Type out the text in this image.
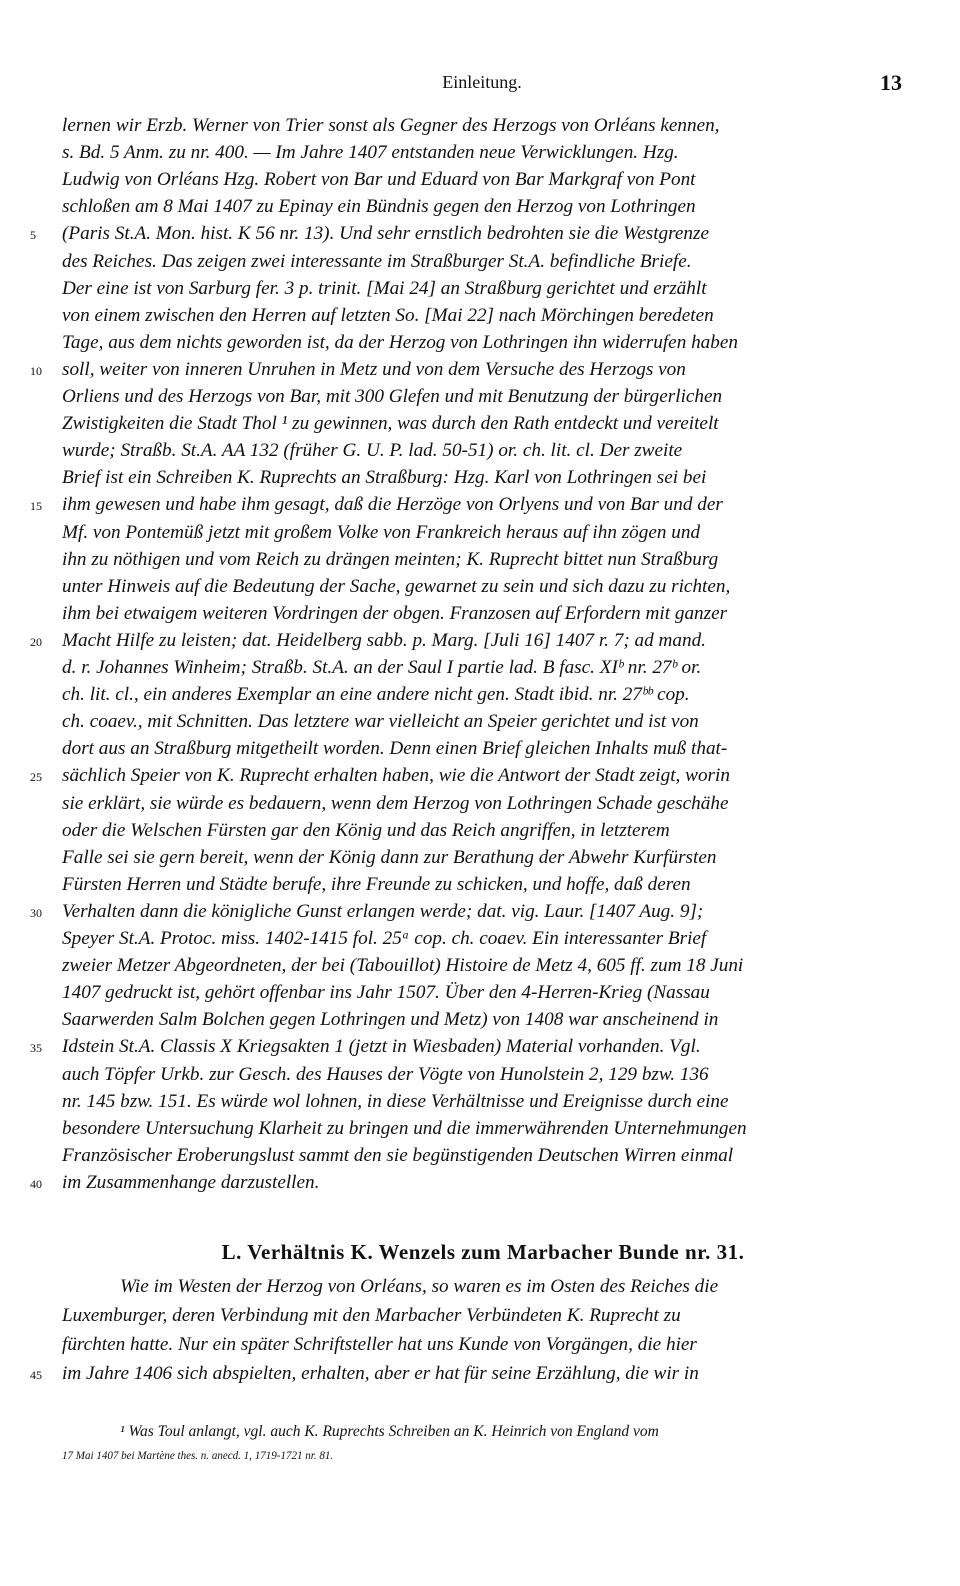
Einleitung.	13
lernen wir Erzb. Werner von Trier sonst als Gegner des Herzogs von Orléans kennen,
s. Bd. 5 Anm. zu nr. 400. — Im Jahre 1407 entstanden neue Verwicklungen. Hzg.
Ludwig von Orléans Hzg. Robert von Bar und Eduard von Bar Markgraf von Pont
schloßen am 8 Mai 1407 zu Epinay ein Bündnis gegen den Herzog von Lothringen
(Paris St.A. Mon. hist. K 56 nr. 13). Und sehr ernstlich bedrohten sie die Westgrenze
des Reiches. Das zeigen zwei interessante im Straßburger St.A. befindliche Briefe.
Der eine ist von Sarburg fer. 3 p. trinit. [Mai 24] an Straßburg gerichtet und erzählt
von einem zwischen den Herren auf letzten So. [Mai 22] nach Mörchingen beredeten
Tage, aus dem nichts geworden ist, da der Herzog von Lothringen ihn widerrufen haben
soll, weiter von inneren Unruhen in Metz und von dem Versuche des Herzogs von
Orliens und des Herzogs von Bar, mit 300 Glefen und mit Benutzung der bürgerlichen
Zwistigkeiten die Stadt Thol ¹ zu gewinnen, was durch den Rath entdeckt und vereitelt
wurde; Straßb. St.A. AA 132 (früher G. U. P. lad. 50-51) or. ch. lit. cl. Der zweite
Brief ist ein Schreiben K. Ruprechts an Straßburg: Hzg. Karl von Lothringen sei bei
ihm gewesen und habe ihm gesagt, daß die Herzöge von Orlyens und von Bar und der
Mf. von Pontemüß jetzt mit großem Volke von Frankreich heraus auf ihn zögen und
ihn zu nöthigen und vom Reich zu drängen meinten; K. Ruprecht bittet nun Straßburg
unter Hinweis auf die Bedeutung der Sache, gewarnet zu sein und sich dazu zu richten,
ihm bei etwaigem weiteren Vordringen der obgen. Franzosen auf Erfordern mit ganzer
Macht Hilfe zu leisten; dat. Heidelberg sabb. p. Marg. [Juli 16] 1407 r. 7; ad mand.
d. r. Johannes Winheim; Straßb. St.A. an der Saul I partie lad. B fasc. XIᵇ nr. 27ᵇ or.
ch. lit. cl., ein anderes Exemplar an eine andere nicht gen. Stadt ibid. nr. 27ᵇᵇ cop.
ch. coaev., mit Schnitten. Das letztere war vielleicht an Speier gerichtet und ist von
dort aus an Straßburg mitgetheilt worden. Denn einen Brief gleichen Inhalts muß that-
sächlich Speier von K. Ruprecht erhalten haben, wie die Antwort der Stadt zeigt, worin
sie erklärt, sie würde es bedauern, wenn dem Herzog von Lothringen Schade geschähe
oder die Welschen Fürsten gar den König und das Reich angriffen, in letzterem
Falle sei sie gern bereit, wenn der König dann zur Berathung der Abwehr Kurfürsten
Fürsten Herren und Städte berufe, ihre Freunde zu schicken, und hoffe, daß deren
Verhalten dann die königliche Gunst erlangen werde; dat. vig. Laur. [1407 Aug. 9];
Speyer St.A. Protoc. miss. 1402-1415 fol. 25ᵃ cop. ch. coaev. Ein interessanter Brief
zweier Metzer Abgeordneten, der bei (Tabouillot) Histoire de Metz 4, 605 ff. zum 18 Juni
1407 gedruckt ist, gehört offenbar ins Jahr 1507. Über den 4-Herren-Krieg (Nassau
Saarwerden Salm Bolchen gegen Lothringen und Metz) von 1408 war anscheinend in
Idstein St.A. Classis X Kriegsakten 1 (jetzt in Wiesbaden) Material vorhanden. Vgl.
auch Töpfer Urkb. zur Gesch. des Hauses der Vögte von Hunolstein 2, 129 bzw. 136
nr. 145 bzw. 151. Es würde wol lohnen, in diese Verhältnisse und Ereignisse durch eine
besondere Untersuchung Klarheit zu bringen und die immerwährenden Unternehmungen
Französischer Eroberungslust sammt den sie begünstigenden Deutschen Wirren einmal
im Zusammenhange darzustellen.
5
10
15
20
25
30
35
40
L. Verhältnis K. Wenzels zum Marbacher Bunde nr. 31.
Wie im Westen der Herzog von Orléans, so waren es im Osten des Reiches die
Luxemburger, deren Verbindung mit den Marbacher Verbündeten K. Ruprecht zu
fürchten hatte. Nur ein später Schriftsteller hat uns Kunde von Vorgängen, die hier
im Jahre 1406 sich abspielten, erhalten, aber er hat für seine Erzählung, die wir in
45
¹ Was Toul anlangt, vgl. auch K. Ruprechts Schreiben an K. Heinrich von England vom
17 Mai 1407 bei Martène thes. n. anecd. 1, 1719-1721 nr. 81.
